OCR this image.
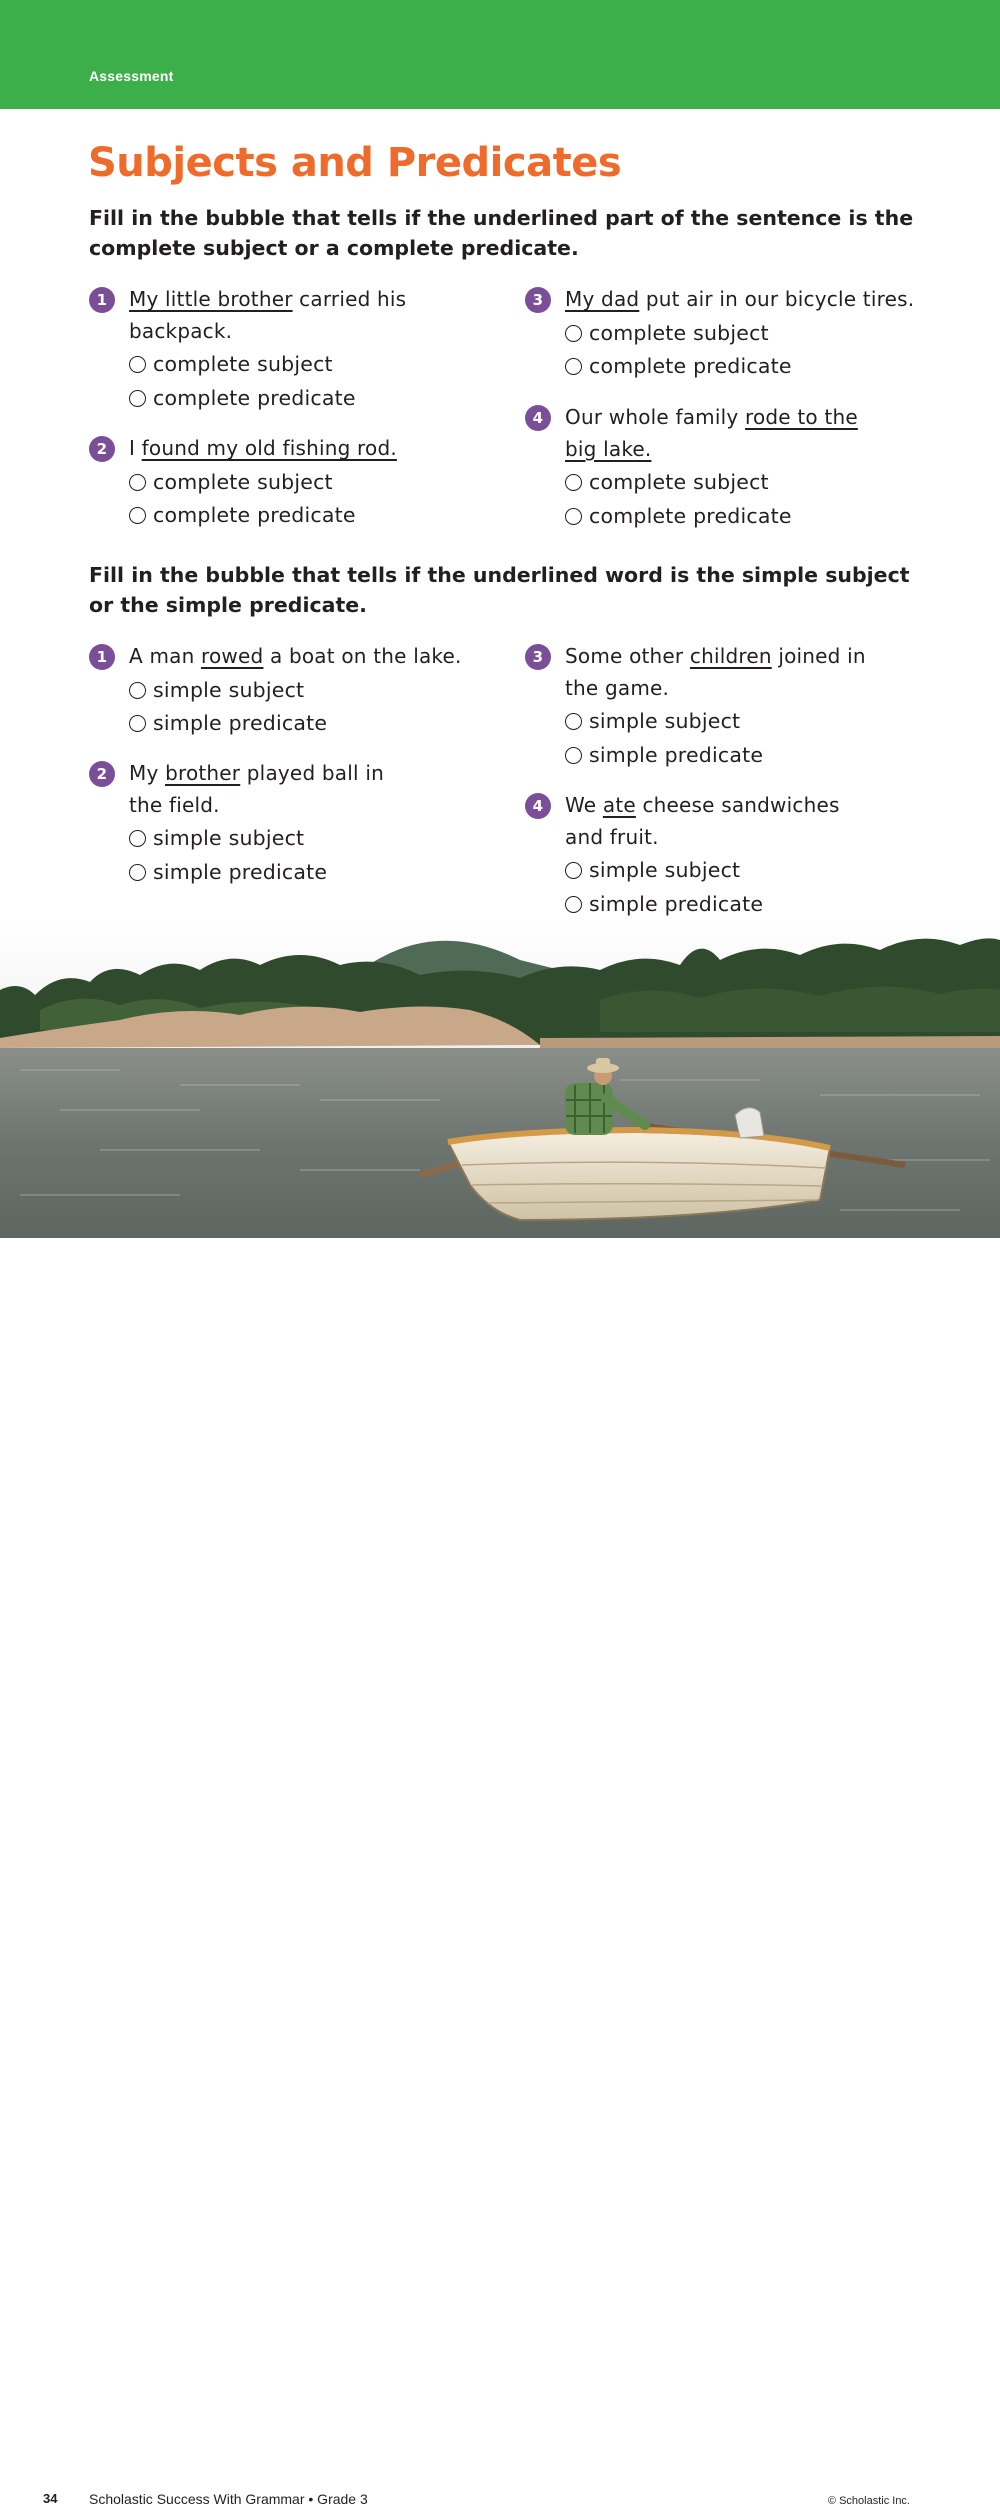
Assessment
Subjects and Predicates

Fill in the bubble that tells if the underlined part of the sentence is the complete subject or a complete predicate.

1	My little brother carried his
backpack.
complete subject
complete predicate
2	I found my old fishing rod.
complete subject
complete predicate
3	My dad put air in our bicycle tires.
complete subject
complete predicate
4	Our whole family rode to the
big lake.
complete subject
complete predicate

Fill in the bubble that tells if the underlined word is the simple subject or the simple predicate.

1	A man rowed a boat on the lake.
simple subject
simple predicate
2	My brother played ball in
the field.
simple subject
simple predicate
3	Some other children joined in
the game.
simple subject
simple predicate
4	We ate cheese sandwiches
and fruit.
simple subject
simple predicate
34 Scholastic Success With Grammar • Grade 3	© Scholastic Inc.
